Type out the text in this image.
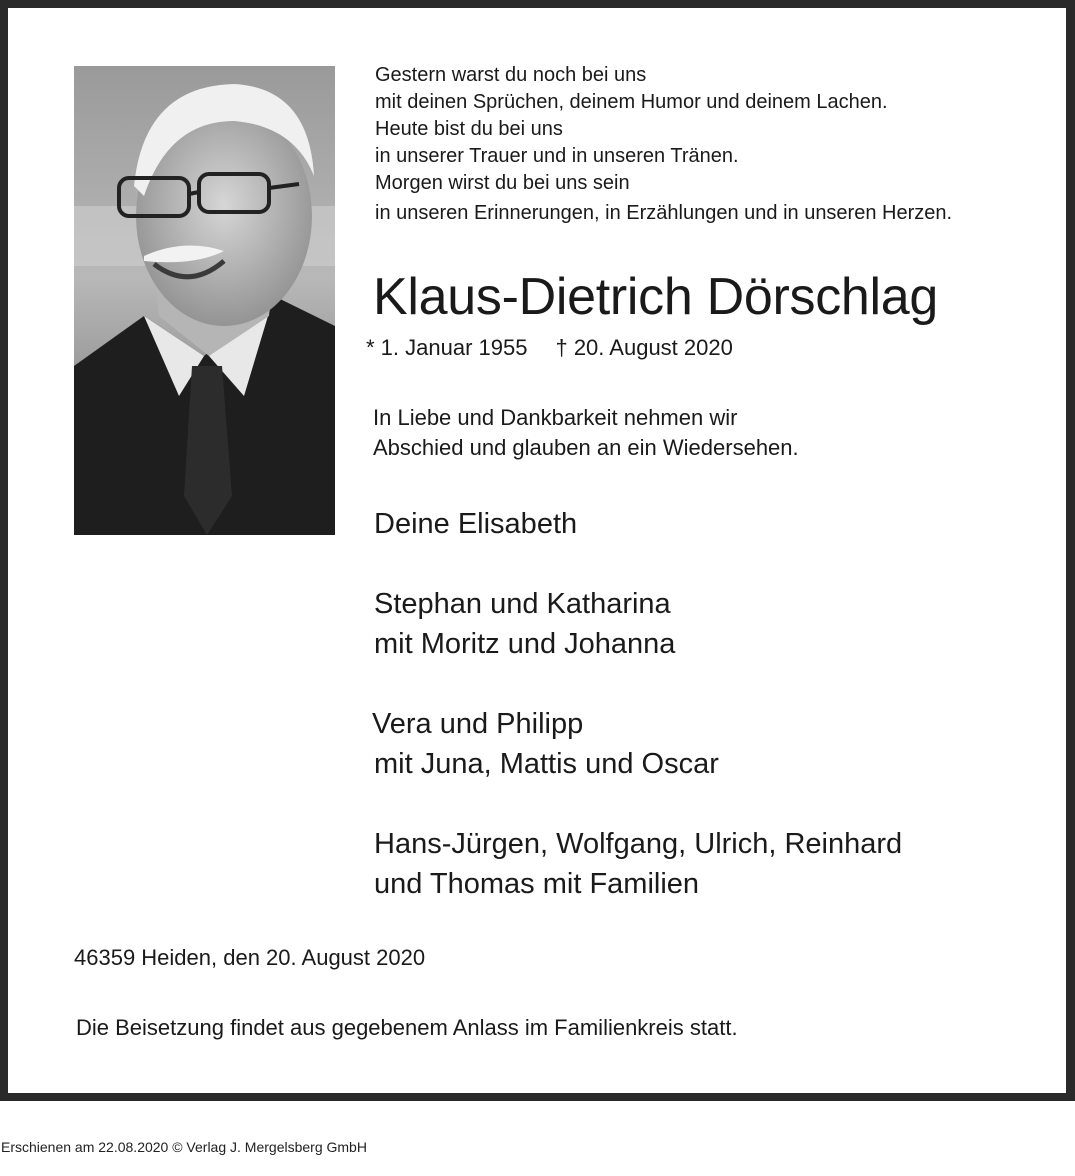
Gestern warst du noch bei uns
mit deinen Sprüchen, deinem Humor und deinem Lachen.
Heute bist du bei uns
in unserer Trauer und in unseren Tränen.
Morgen wirst du bei uns sein
in unseren Erinnerungen, in Erzählungen und in unseren Herzen.
Klaus-Dietrich Dörschlag
* 1. Januar 1955 † 20. August 2020
In Liebe und Dankbarkeit nehmen wir
Abschied und glauben an ein Wiedersehen.
Deine Elisabeth
Stephan und Katharina
mit Moritz und Johanna
Vera und Philipp
mit Juna, Mattis und Oscar
Hans-Jürgen, Wolfgang, Ulrich, Reinhard
und Thomas mit Familien
46359 Heiden, den 20. August 2020
Die Beisetzung findet aus gegebenem Anlass im Familienkreis statt.
Erschienen am 22.08.2020 © Verlag J. Mergelsberg GmbH
